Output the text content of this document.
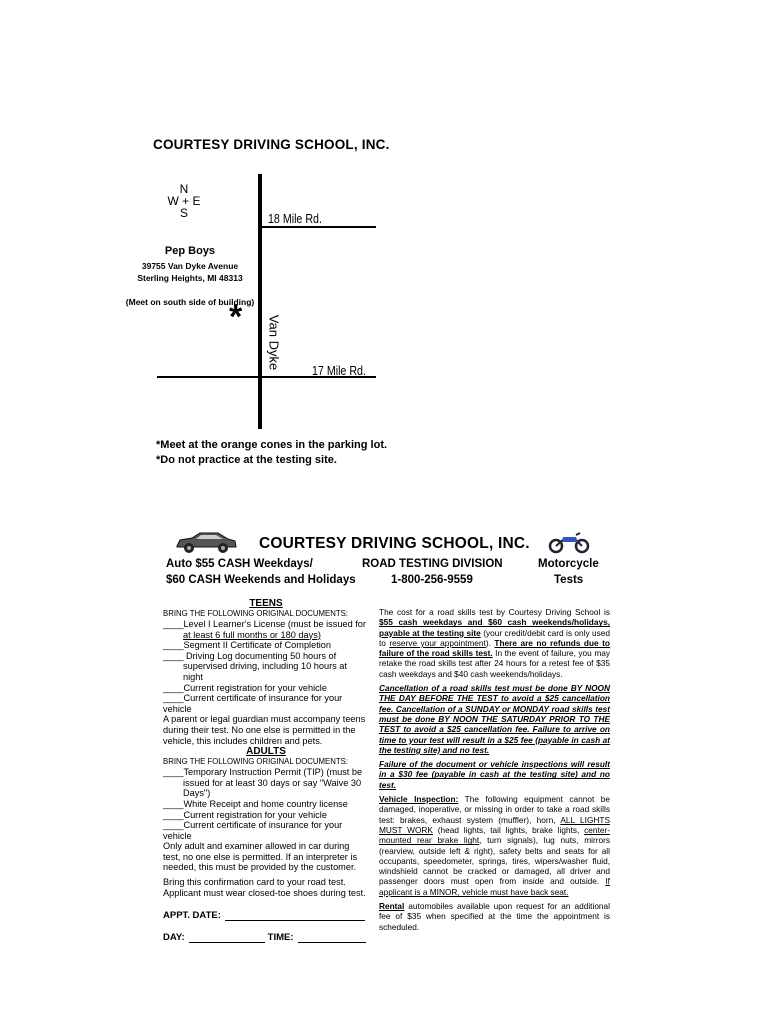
COURTESY DRIVING SCHOOL, INC.
N
W + E
S	18 Mile Rd.
17 Mile Rd.
Van Dyke
Pep Boys
39755 Van Dyke Avenue
Sterling Heights, MI 48313
(Meet on south side of building)
*
*Meet at the orange cones in the parking lot.
*Do not practice at the testing site.
COURTESY DRIVING SCHOOL, INC.
Auto $55 CASH Weekdays/
$60 CASH Weekends and Holidays
ROAD TESTING DIVISION
1-800-256-9559
Motorcycle
Tests
TEENS
BRING THE FOLLOWING ORIGINAL DOCUMENTS:
____Level I Learner's License (must be issued for
at least 6 full months or 180 days)
____Segment II Certificate of Completion
____ Driving Log documenting 50 hours of
supervised driving, including 10 hours at night
____Current registration for your vehicle
____Current certificate of insurance for your vehicle

A parent or legal guardian must accompany teens during their test. No one else is permitted in the vehicle, this includes children and pets.

ADULTS
BRING THE FOLLOWING ORIGINAL DOCUMENTS:
____Temporary Instruction Permit (TIP) (must be
issued for at least 30 days or say "Waive 30
Days")
____White Receipt and home country license
____Current registration for your vehicle
____Current certificate of insurance for your vehicle

Only adult and examiner allowed in car during test, no one else is permitted. If an interpreter is needed, this must be provided by the customer.

Bring this confirmation card to your road test. Applicant must wear closed-toe shoes during test.

APPT. DATE:
DAY:	TIME:

The cost for a road skills test by Courtesy Driving School is $55 cash weekdays and $60 cash weekends/holidays, payable at the testing site (your credit/debit card is only used to reserve your appointment). There are no refunds due to failure of the road skills test. In the event of failure, you may retake the road skills test after 24 hours for a retest fee of $35 cash weekdays and $40 cash weekends/holidays.

Cancellation of a road skills test must be done BY NOON THE DAY BEFORE THE TEST to avoid a $25 cancellation fee. Cancellation of a SUNDAY or MONDAY road skills test must be done BY NOON THE SATURDAY PRIOR TO THE TEST to avoid a $25 cancellation fee. Failure to arrive on time to your test will result in a $25 fee (payable in cash at the testing site) and no test.

Failure of the document or vehicle inspections will result in a $30 fee (payable in cash at the testing site) and no test.

Vehicle Inspection: The following equipment cannot be damaged, inoperative, or missing in order to take a road skills test: brakes, exhaust system (muffler), horn, ALL LIGHTS MUST WORK (head lights, tail lights, brake lights, center-mounted rear brake light, turn signals), lug nuts, mirrors (rearview, outside left & right), safety belts and seats for all occupants, speedometer, springs, tires, wipers/washer fluid, windshield cannot be cracked or damaged, all driver and passenger doors must open from inside and outside. If applicant is a MINOR, vehicle must have back seat.

Rental automobiles available upon request for an additional fee of $35 when specified at the time the appointment is scheduled.
